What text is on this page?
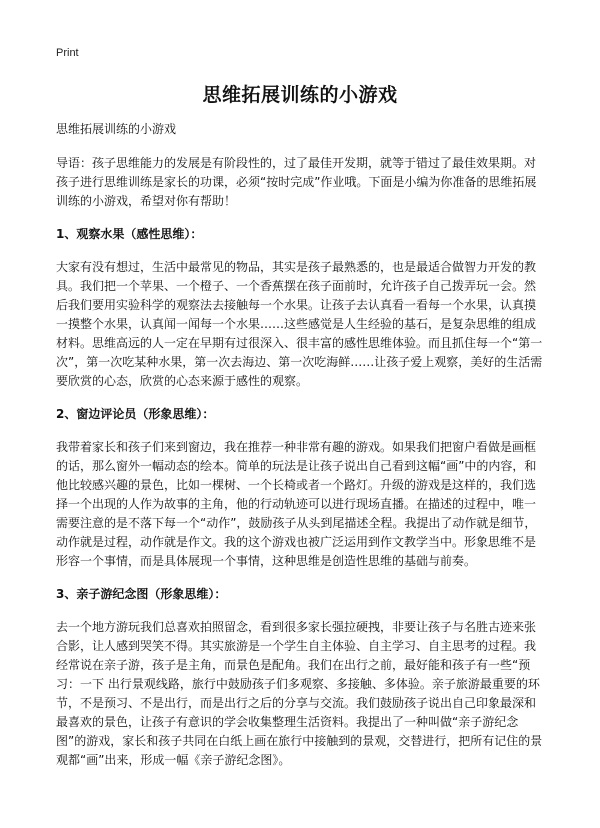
Print
思维拓展训练的小游戏

思维拓展训练的小游戏

导语：孩子思维能力的发展是有阶段性的，过了最佳开发期，就等于错过了最佳效果期。对孩子进行思维训练是家长的功课，必须“按时完成”作业哦。下面是小编为你准备的思维拓展训练的小游戏，希望对你有帮助！

1、观察水果（感性思维）：

大家有没有想过，生活中最常见的物品，其实是孩子最熟悉的，也是最适合做智力开发的教具。我们把一个苹果、一个橙子、一个香蕉摆在孩子面前时，允许孩子自己拨弄玩一会。然后我们要用实验科学的观察法去接触每一个水果。让孩子去认真看一看每一个水果，认真摸一摸整个水果，认真闻一闻每一个水果……这些感觉是人生经验的基石，是复杂思维的组成材料。思维高远的人一定在早期有过很深入、很丰富的感性思维体验。而且抓住每一个“第一次”，第一次吃某种水果，第一次去海边、第一次吃海鲜……让孩子爱上观察，美好的生活需要欣赏的心态，欣赏的心态来源于感性的观察。

2、窗边评论员（形象思维）：

我带着家长和孩子们来到窗边，我在推荐一种非常有趣的游戏。如果我们把窗户看做是画框的话，那么窗外一幅动态的绘本。简单的玩法是让孩子说出自己看到这幅“画”中的内容，和他比较感兴趣的景色，比如一棵树、一个长椅或者一个路灯。升级的游戏是这样的，我们选择一个出现的人作为故事的主角，他的行动轨迹可以进行现场直播。在描述的过程中，唯一需要注意的是不落下每一个“动作”，鼓励孩子从头到尾描述全程。我提出了动作就是细节，动作就是过程，动作就是作文。我的这个游戏也被广泛运用到作文教学当中。形象思维不是形容一个事情，而是具体展现一个事情，这种思维是创造性思维的基础与前奏。

3、亲子游纪念图（形象思维）：

去一个地方游玩我们总喜欢拍照留念，看到很多家长强拉硬拽，非要让孩子与名胜古迹来张合影，让人感到哭笑不得。其实旅游是一个学生自主体验、自主学习、自主思考的过程。我经常说在亲子游，孩子是主角，而景色是配角。我们在出行之前，最好能和孩子有一些“预习：一下 出行景观线路，旅行中鼓励孩子们多观察、多接触、多体验。亲子旅游最重要的环节，不是预习、不是出行，而是出行之后的分享与交流。我们鼓励孩子说出自己印象最深和最喜欢的景色，让孩子有意识的学会收集整理生活资料。我提出了一种叫做“亲子游纪念图”的游戏，家长和孩子共同在白纸上画在旅行中接触到的景观，交替进行，把所有记住的景观都“画”出来，形成一幅《亲子游纪念图》。
